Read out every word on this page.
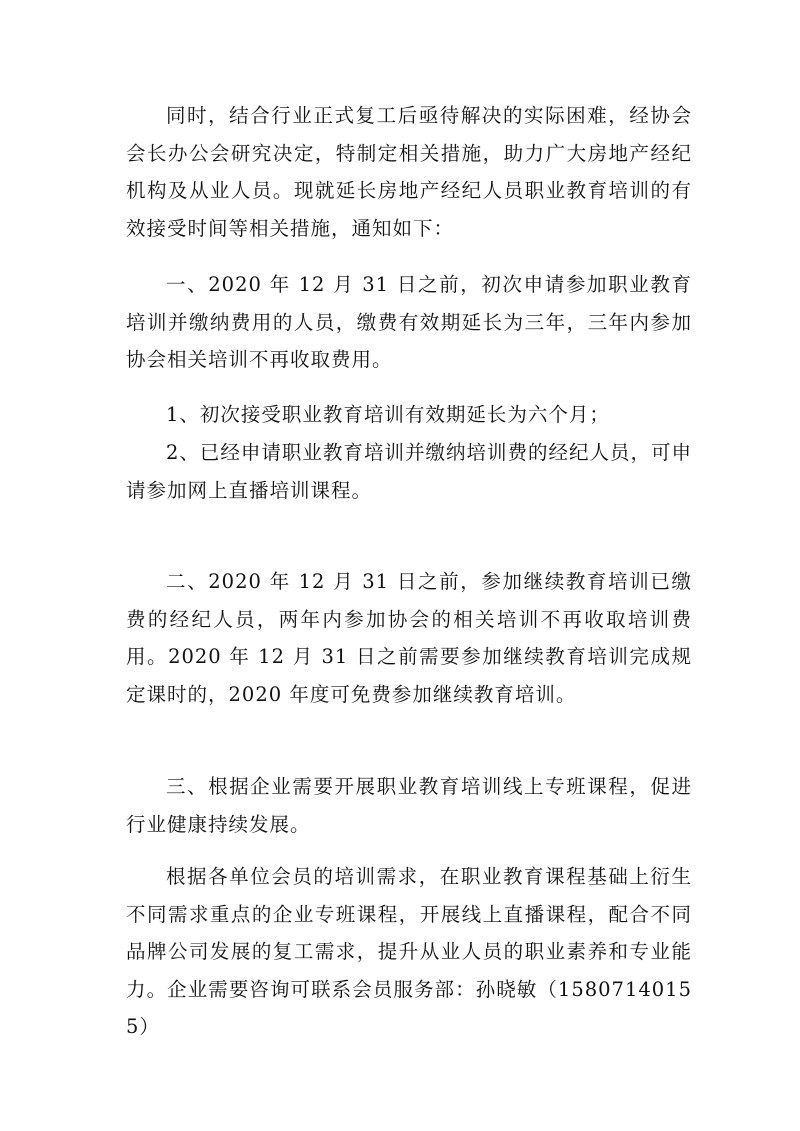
同时，结合行业正式复工后亟待解决的实际困难，经协会会长办公会研究决定，特制定相关措施，助力广大房地产经纪机构及从业人员。现就延长房地产经纪人员职业教育培训的有效接受时间等相关措施，通知如下：

一、2020 年 12 月 31 日之前，初次申请参加职业教育培训并缴纳费用的人员，缴费有效期延长为三年，三年内参加协会相关培训不再收取费用。

1、初次接受职业教育培训有效期延长为六个月；

2、已经申请职业教育培训并缴纳培训费的经纪人员，可申请参加网上直播培训课程。

二、2020 年 12 月 31 日之前，参加继续教育培训已缴费的经纪人员，两年内参加协会的相关培训不再收取培训费用。2020 年 12 月 31 日之前需要参加继续教育培训完成规定课时的，2020 年度可免费参加继续教育培训。

三、根据企业需要开展职业教育培训线上专班课程，促进行业健康持续发展。

根据各单位会员的培训需求，在职业教育课程基础上衍生不同需求重点的企业专班课程，开展线上直播课程，配合不同品牌公司发展的复工需求，提升从业人员的职业素养和专业能力。企业需要咨询可联系会员服务部：孙晓敏（15807140155）
